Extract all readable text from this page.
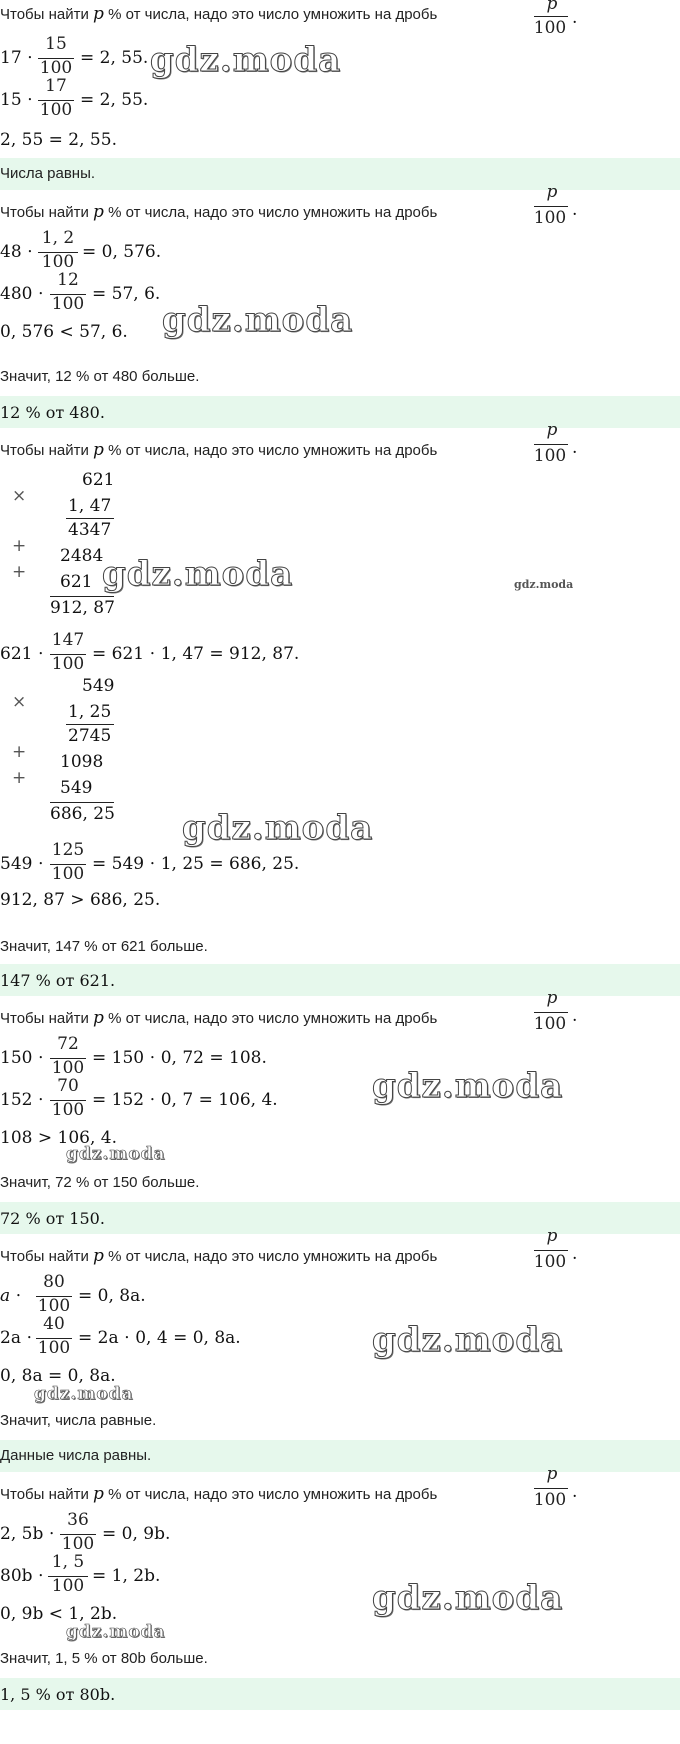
Чтобы найти p % от числа, надо это число умножить на дробь
p
100 .
17 ⋅
15
100 = 2, 55. gdz.moda
15 ⋅
17
100 = 2, 55.
2, 55 = 2, 55.
Числа равны.
Чтобы найти p % от числа, надо это число умножить на дробь
p
100 .
48 ⋅
1, 2
100 = 0, 576.
480 ⋅
12
100 = 57, 6.
gdz.moda
0, 576 < 57, 6.
Значит, 12 % от 480 больше.
12 % от 480.
Чтобы найти p % от числа, надо это число умножить на дробь
p
100 .
×
621
1, 47
4347
+ 2484
+ 621
912, 87
gdz.moda	gdz.moda
621 ⋅
147
100 = 621 ⋅ 1, 47 = 912, 87.
×
549
1, 25
2745
+ 1098
+ 549
686, 25 gdz.moda
549 ⋅
125
100 = 549 ⋅ 1, 25 = 686, 25.
912, 87 > 686, 25.
Значит, 147 % от 621 больше.
147 % от 621.
Чтобы найти p % от числа, надо это число умножить на дробь
p
100 .
150 ⋅
72
100 = 150 ⋅ 0, 72 = 108.
152 ⋅
70
100 = 152 ⋅ 0, 7 = 106, 4.	gdz.moda
108 > 106, 4.
gdz.moda
Значит, 72 % от 150 больше.
72 % от 150.
Чтобы найти p % от числа, надо это число умножить на дробь
p
100 .
a ⋅
80
100 = 0, 8a.
2a ⋅
40
100 = 2a ⋅ 0, 4 = 0, 8a.	gdz.moda
0, 8a = 0, 8a.
gdz.moda
Значит, числа равные.
Данные числа равны.
Чтобы найти p % от числа, надо это число умножить на дробь
p
100 .
2, 5b ⋅
36
100 = 0, 9b.
80b ⋅
1, 5
100 = 1, 2b.
gdz.moda
0, 9b < 1, 2b.
gdz.moda
Значит, 1, 5 % от 80b больше.
1, 5 % от 80b.
